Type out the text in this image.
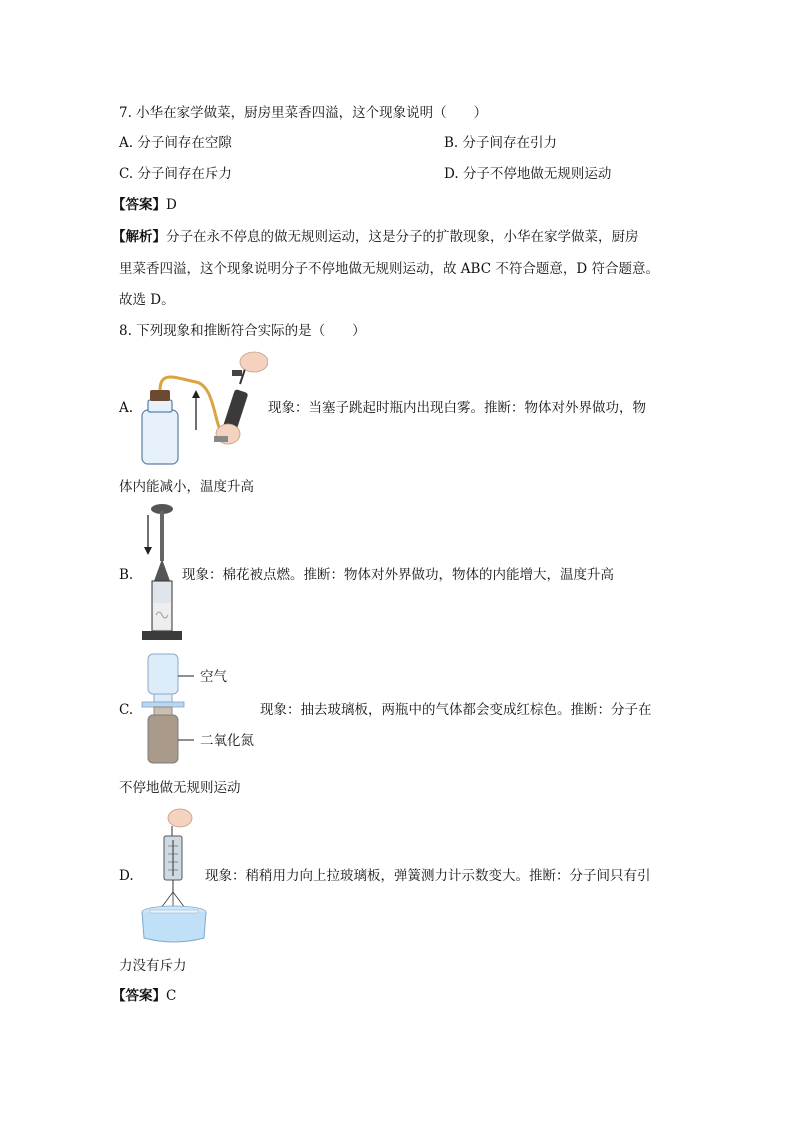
7. 小华在家学做菜，厨房里菜香四溢，这个现象说明（　　）
A. 分子间存在空隙	B. 分子间存在引力
C. 分子间存在斥力	D. 分子不停地做无规则运动
【答案】D
【解析】分子在永不停息的做无规则运动，这是分子的扩散现象，小华在家学做菜，厨房
里菜香四溢，这个现象说明分子不停地做无规则运动，故 ABC 不符合题意，D 符合题意。
故选 D。
8. 下列现象和推断符合实际的是（　　）
A.	现象：当塞子跳起时瓶内出现白雾。推断：物体对外界做功，物
体内能减小，温度升高
B.	现象：棉花被点燃。推断：物体对外界做功，物体的内能增大，温度升高
C.
空气
二氧化氮
现象：抽去玻璃板，两瓶中的气体都会变成红棕色。推断：分子在
不停地做无规则运动
D.	现象：稍稍用力向上拉玻璃板，弹簧测力计示数变大。推断：分子间只有引
力没有斥力
【答案】C
